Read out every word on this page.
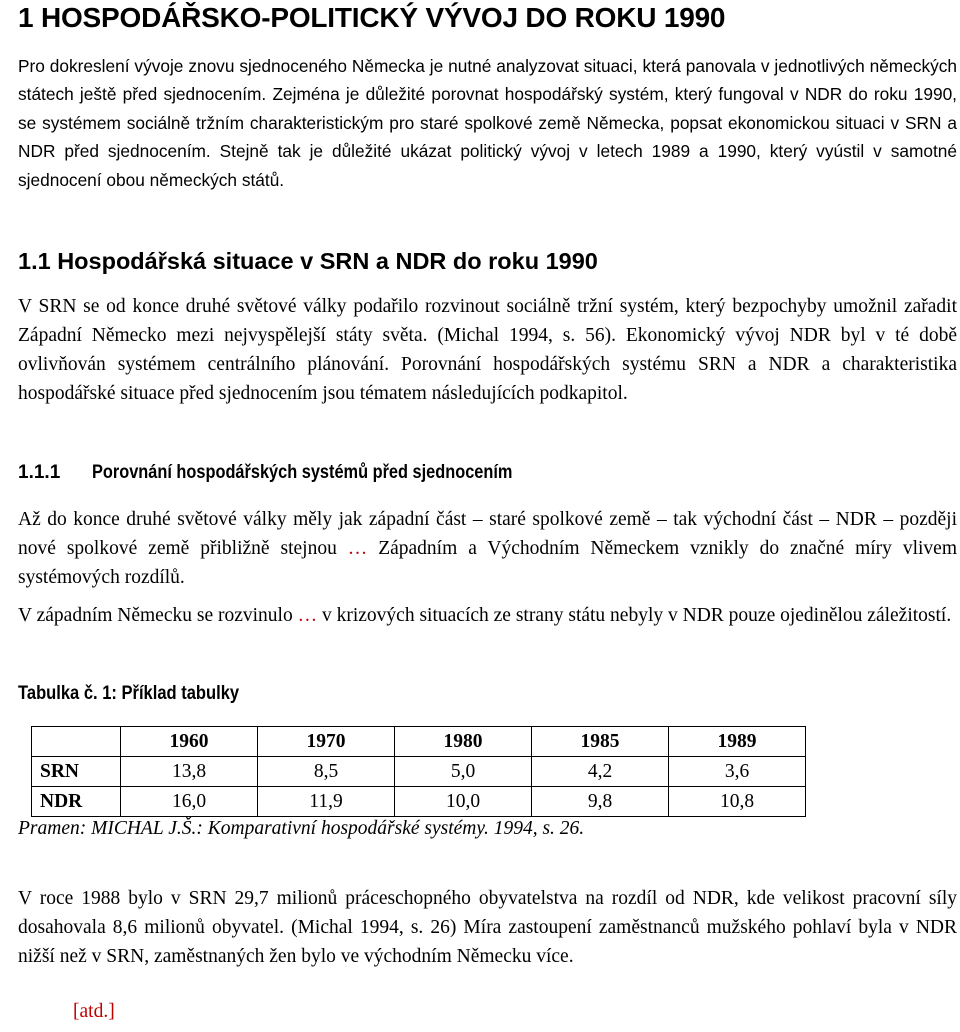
1 HOSPODÁŘSKO-POLITICKÝ VÝVOJ DO ROKU 1990

Pro dokreslení vývoje znovu sjednoceného Německa je nutné analyzovat situaci, která panovala v jednotlivých německých státech ještě před sjednocením. Zejména je důležité porovnat hospodářský systém, který fungoval v NDR do roku 1990, se systémem sociálně tržním charakteristickým pro staré spolkové země Německa, popsat ekonomickou situaci v SRN a NDR před sjednocením. Stejně tak je důležité ukázat politický vývoj v letech 1989 a 1990, který vyústil v samotné sjednocení obou německých států.

1.1 Hospodářská situace v SRN a NDR do roku 1990

V SRN se od konce druhé světové války podařilo rozvinout sociálně tržní systém, který bezpochyby umožnil zařadit Západní Německo mezi nejvyspělejší státy světa. (Michal 1994, s. 56). Ekonomický vývoj NDR byl v té době ovlivňován systémem centrálního plánování. Porovnání hospodářských systému SRN a NDR a charakteristika hospodářské situace před sjednocením jsou tématem následujících podkapitol.

1.1.1 Porovnání hospodářských systémů před sjednocením

Až do konce druhé světové války měly jak západní část – staré spolkové země – tak východní část – NDR – později nové spolkové země přibližně stejnou … Západním a Východním Německem vznikly do značné míry vlivem systémových rozdílů.

V západním Německu se rozvinulo … v krizových situacích ze strany státu nebyly v NDR pouze ojedinělou záležitostí.

Tabulka č. 1: Příklad tabulky

	1960	1970	1980	1985	1989
SRN	13,8	8,5	5,0	4,2	3,6
NDR	16,0	11,9	10,0	9,8	10,8

Pramen: MICHAL J.Š.: Komparativní hospodářské systémy. 1994, s. 26.

V roce 1988 bylo v SRN 29,7 milionů práceschopného obyvatelstva na rozdíl od NDR, kde velikost pracovní síly dosahovala 8,6 milionů obyvatel. (Michal 1994, s. 26) Míra zastoupení zaměstnanců mužského pohlaví byla v NDR nižší než v SRN, zaměstnaných žen bylo ve východním Německu více.

[atd.]
